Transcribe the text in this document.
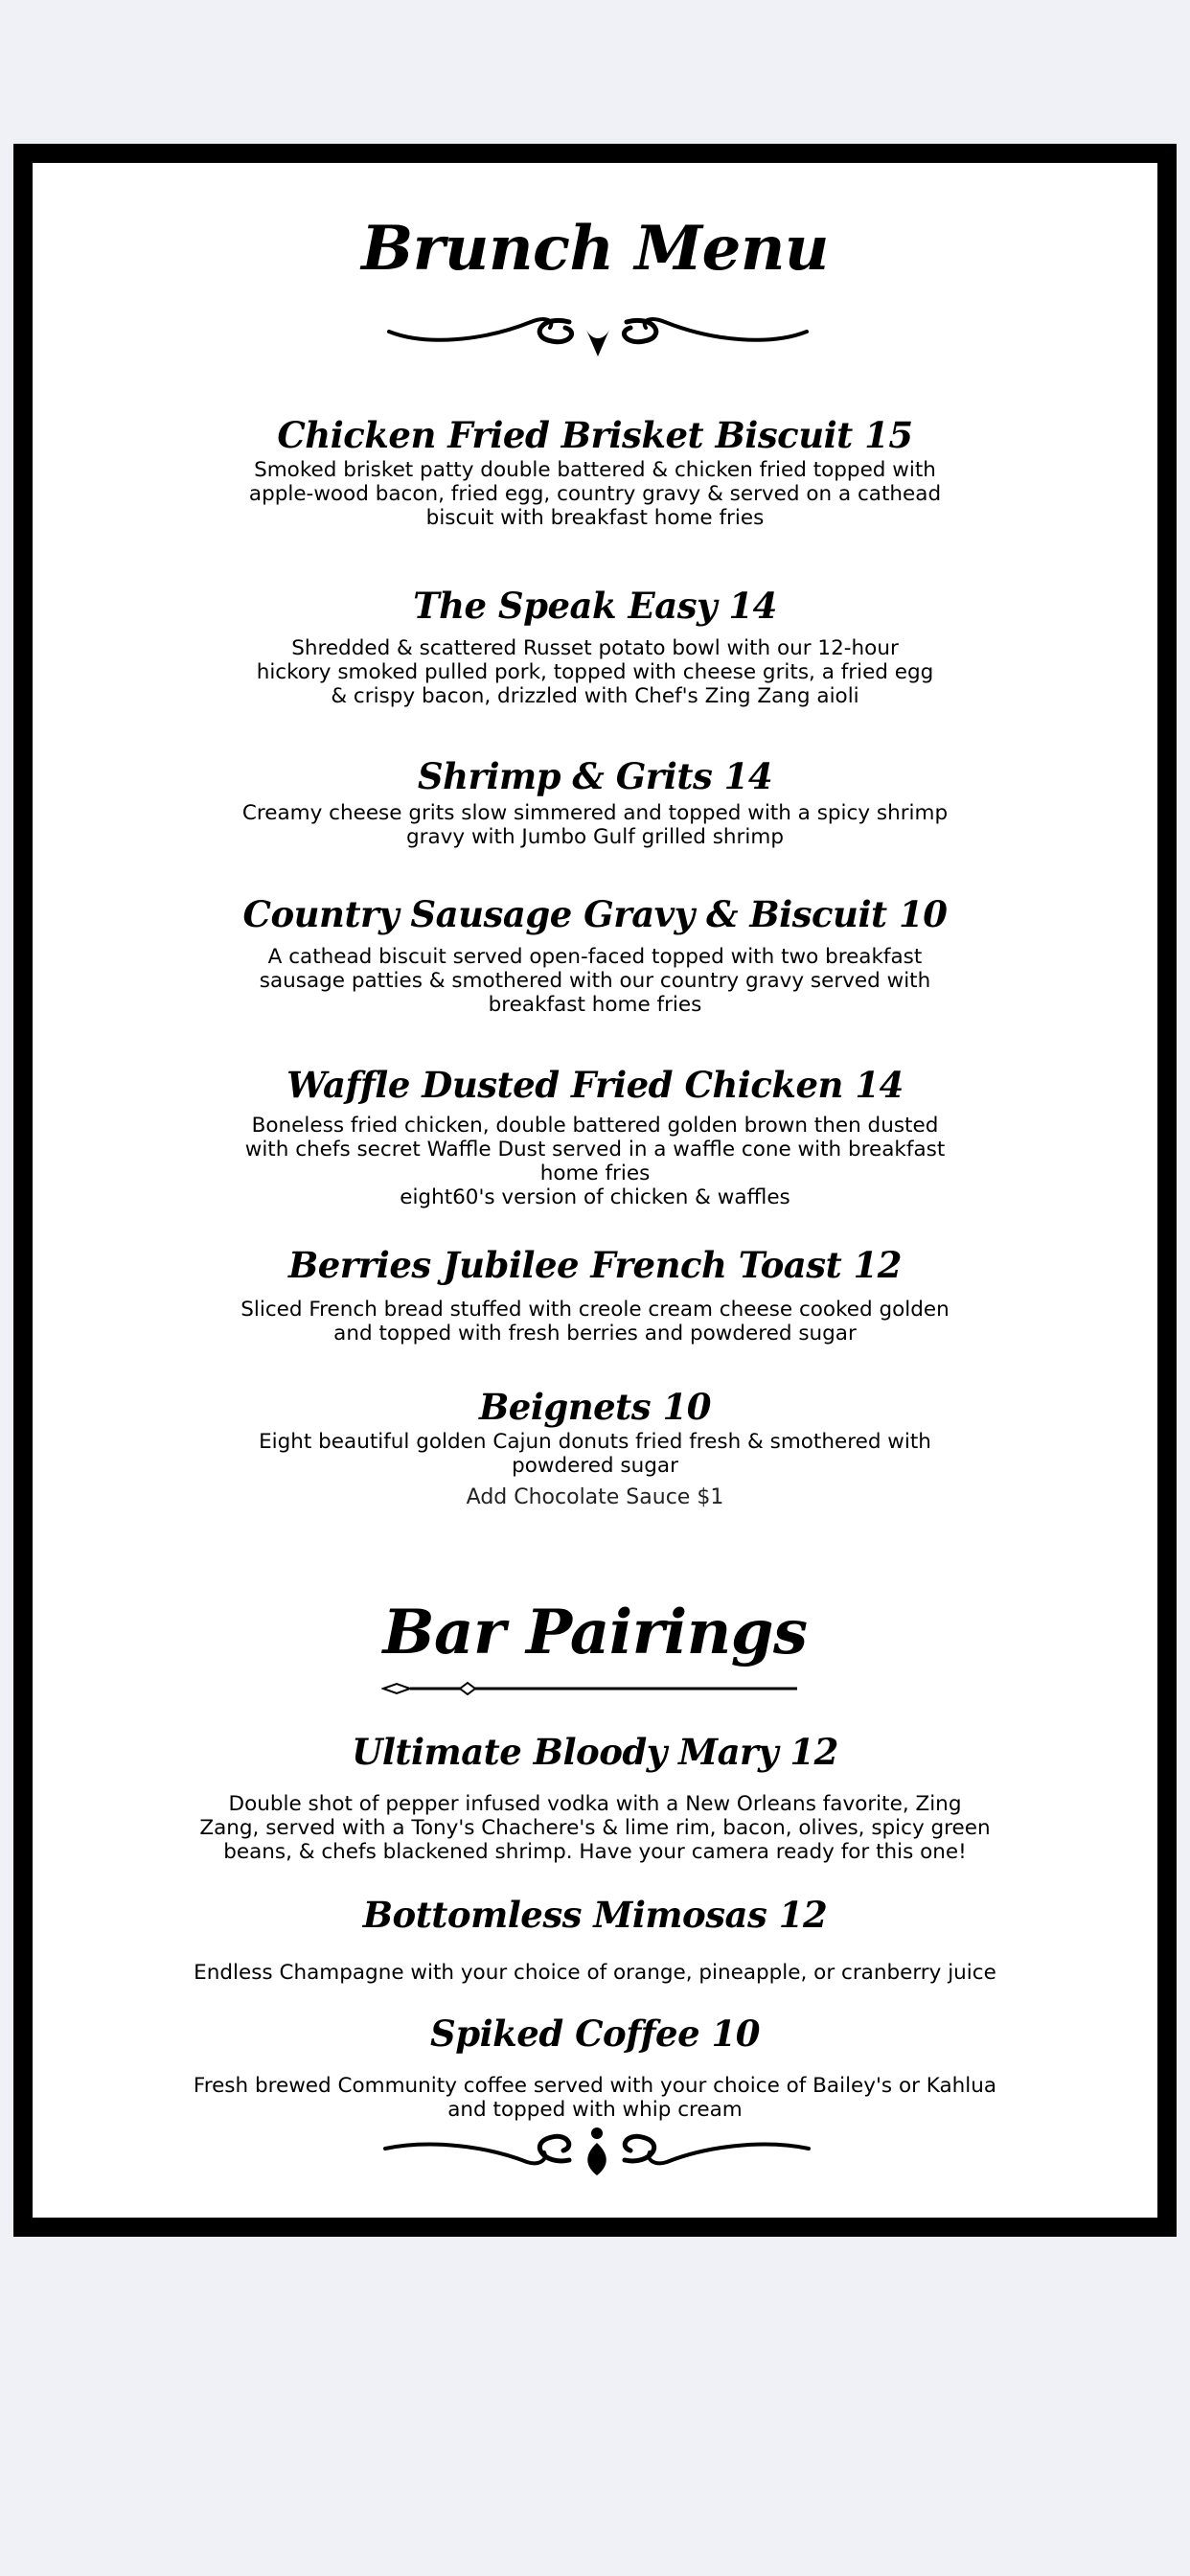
Brunch Menu
Chicken Fried Brisket Biscuit 15
Smoked brisket patty double battered & chicken fried topped with
apple-wood bacon, fried egg, country gravy & served on a cathead
biscuit with breakfast home fries
The Speak Easy 14
Shredded & scattered Russet potato bowl with our 12-hour
hickory smoked pulled pork, topped with cheese grits, a fried egg
& crispy bacon, drizzled with Chef's Zing Zang aioli
Shrimp & Grits 14
Creamy cheese grits slow simmered and topped with a spicy shrimp
gravy with Jumbo Gulf grilled shrimp
Country Sausage Gravy & Biscuit 10
A cathead biscuit served open-faced topped with two breakfast
sausage patties & smothered with our country gravy served with
breakfast home fries
Waffle Dusted Fried Chicken 14
Boneless fried chicken, double battered golden brown then dusted
with chefs secret Waffle Dust served in a waffle cone with breakfast
home fries
eight60's version of chicken & waffles
Berries Jubilee French Toast 12
Sliced French bread stuffed with creole cream cheese cooked golden
and topped with fresh berries and powdered sugar
Beignets 10
Eight beautiful golden Cajun donuts fried fresh & smothered with
powdered sugar
Add Chocolate Sauce $1
Bar Pairings
Ultimate Bloody Mary 12
Double shot of pepper infused vodka with a New Orleans favorite, Zing
Zang, served with a Tony's Chachere's & lime rim, bacon, olives, spicy green
beans, & chefs blackened shrimp. Have your camera ready for this one!
Bottomless Mimosas 12
Endless Champagne with your choice of orange, pineapple, or cranberry juice
Spiked Coffee 10
Fresh brewed Community coffee served with your choice of Bailey's or Kahlua
and topped with whip cream
